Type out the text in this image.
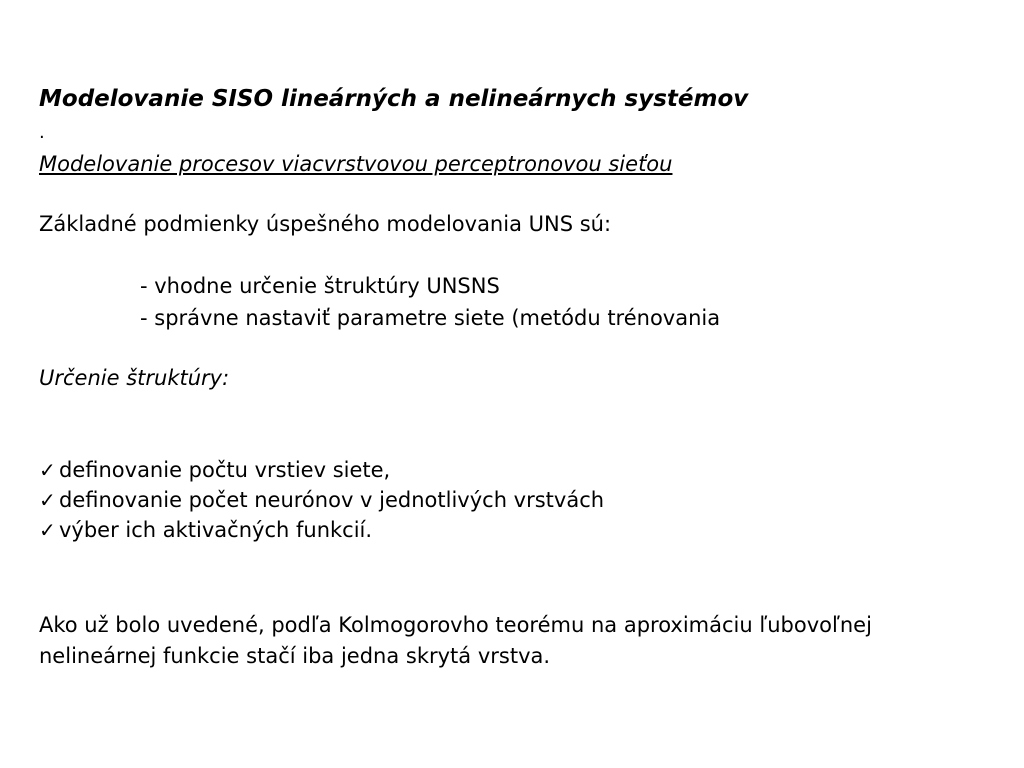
Modelovanie SISO lineárných a nelineárnych systémov
.
Modelovanie procesov viacvrstvovou perceptronovou sieťou
Základné podmienky úspešného modelovania UNS sú:
- vhodne určenie štruktúry UNSNS
- správne nastaviť parametre siete (metódu trénovania
Určenie štruktúry:
✓ definovanie počtu vrstiev siete,
✓ definovanie počet neurónov v jednotlivých vrstvách
✓ výber ich aktivačných funkcií.
Ako už bolo uvedené, podľa Kolmogorovho teorému na aproximáciu ľubovoľnej
nelineárnej funkcie stačí iba jedna skrytá vrstva.
